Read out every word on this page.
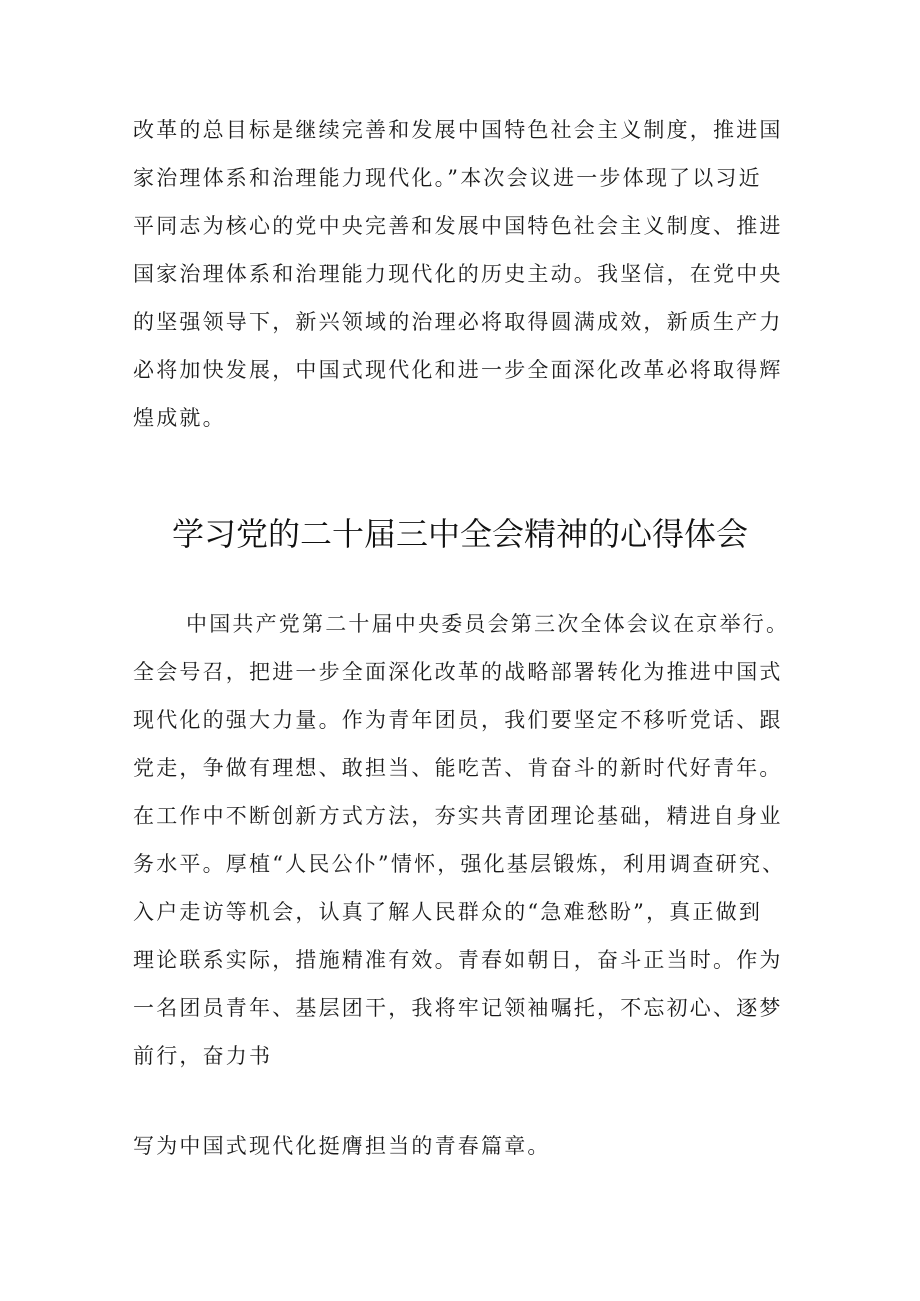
改革的总目标是继续完善和发展中国特色社会主义制度，推进国
家治理体系和治理能力现代化。”本次会议进一步体现了以习近
平同志为核心的党中央完善和发展中国特色社会主义制度、推进
国家治理体系和治理能力现代化的历史主动。我坚信，在党中央
的坚强领导下，新兴领域的治理必将取得圆满成效，新质生产力
必将加快发展，中国式现代化和进一步全面深化改革必将取得辉
煌成就。
学习党的二十届三中全会精神的心得体会
中国共产党第二十届中央委员会第三次全体会议在京举行。
全会号召，把进一步全面深化改革的战略部署转化为推进中国式
现代化的强大力量。作为青年团员，我们要坚定不移听党话、跟
党走，争做有理想、敢担当、能吃苦、肯奋斗的新时代好青年。
在工作中不断创新方式方法，夯实共青团理论基础，精进自身业
务水平。厚植“人民公仆”情怀，强化基层锻炼，利用调查研究、
入户走访等机会，认真了解人民群众的“急难愁盼”，真正做到
理论联系实际，措施精准有效。青春如朝日，奋斗正当时。作为
一名团员青年、基层团干，我将牢记领袖嘱托，不忘初心、逐梦
前行，奋力书
写为中国式现代化挺膺担当的青春篇章。
